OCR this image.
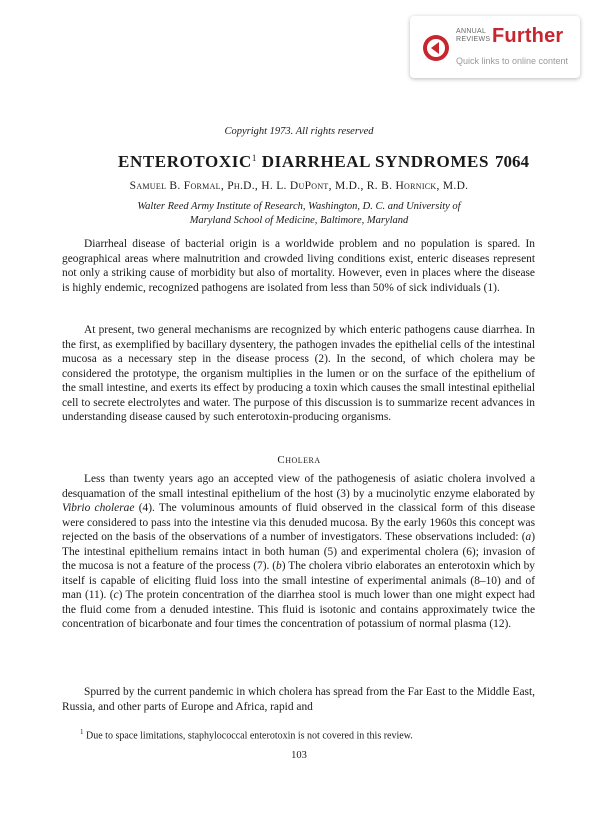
ANNUAL
REVIEWS Further
Quick links to online content
Copyright 1973. All rights reserved
ENTEROTOXIC$^1$ DIARRHEAL SYNDROMES 7064
Samuel B. Formal, Ph.D., H. L. DuPont, M.D., R. B. Hornick, M.D.
Walter Reed Army Institute of Research, Washington, D. C. and University of
Maryland School of Medicine, Baltimore, Maryland

Diarrheal disease of bacterial origin is a worldwide problem and no population is spared. In geographical areas where malnutrition and crowded living conditions exist, enteric diseases represent not only a striking cause of morbidity but also of mortality. However, even in places where the disease is highly endemic, recognized pathogens are isolated from less than 50% of sick individuals (1).

At present, two general mechanisms are recognized by which enteric pathogens cause diarrhea. In the first, as exemplified by bacillary dysentery, the pathogen invades the epithelial cells of the intestinal mucosa as a necessary step in the disease process (2). In the second, of which cholera may be considered the prototype, the organism multiplies in the lumen or on the surface of the epithelium of the small intestine, and exerts its effect by producing a toxin which causes the small intestinal epithelial cell to secrete electrolytes and water. The purpose of this discussion is to summarize recent advances in understanding disease caused by such enterotoxin-producing organisms.

Cholera

Less than twenty years ago an accepted view of the pathogenesis of asiatic cholera involved a desquamation of the small intestinal epithelium of the host (3) by a mucinolytic enzyme elaborated by Vibrio cholerae (4). The voluminous amounts of fluid observed in the classical form of this disease were considered to pass into the intestine via this denuded mucosa. By the early 1960s this concept was rejected on the basis of the observations of a number of investigators. These observations included: (a) The intestinal epithelium remains intact in both human (5) and experimental cholera (6); invasion of the mucosa is not a feature of the process (7). (b) The cholera vibrio elaborates an enterotoxin which by itself is capable of eliciting fluid loss into the small intestine of experimental animals (8–10) and of man (11). (c) The protein concentration of the diarrhea stool is much lower than one might expect had the fluid come from a denuded intestine. This fluid is isotonic and contains approximately twice the concentration of bicarbonate and four times the concentration of potassium of normal plasma (12).

Spurred by the current pandemic in which cholera has spread from the Far East to the Middle East, Russia, and other parts of Europe and Africa, rapid and

$^1$ Due to space limitations, staphylococcal enterotoxin is not covered in this review.
103
